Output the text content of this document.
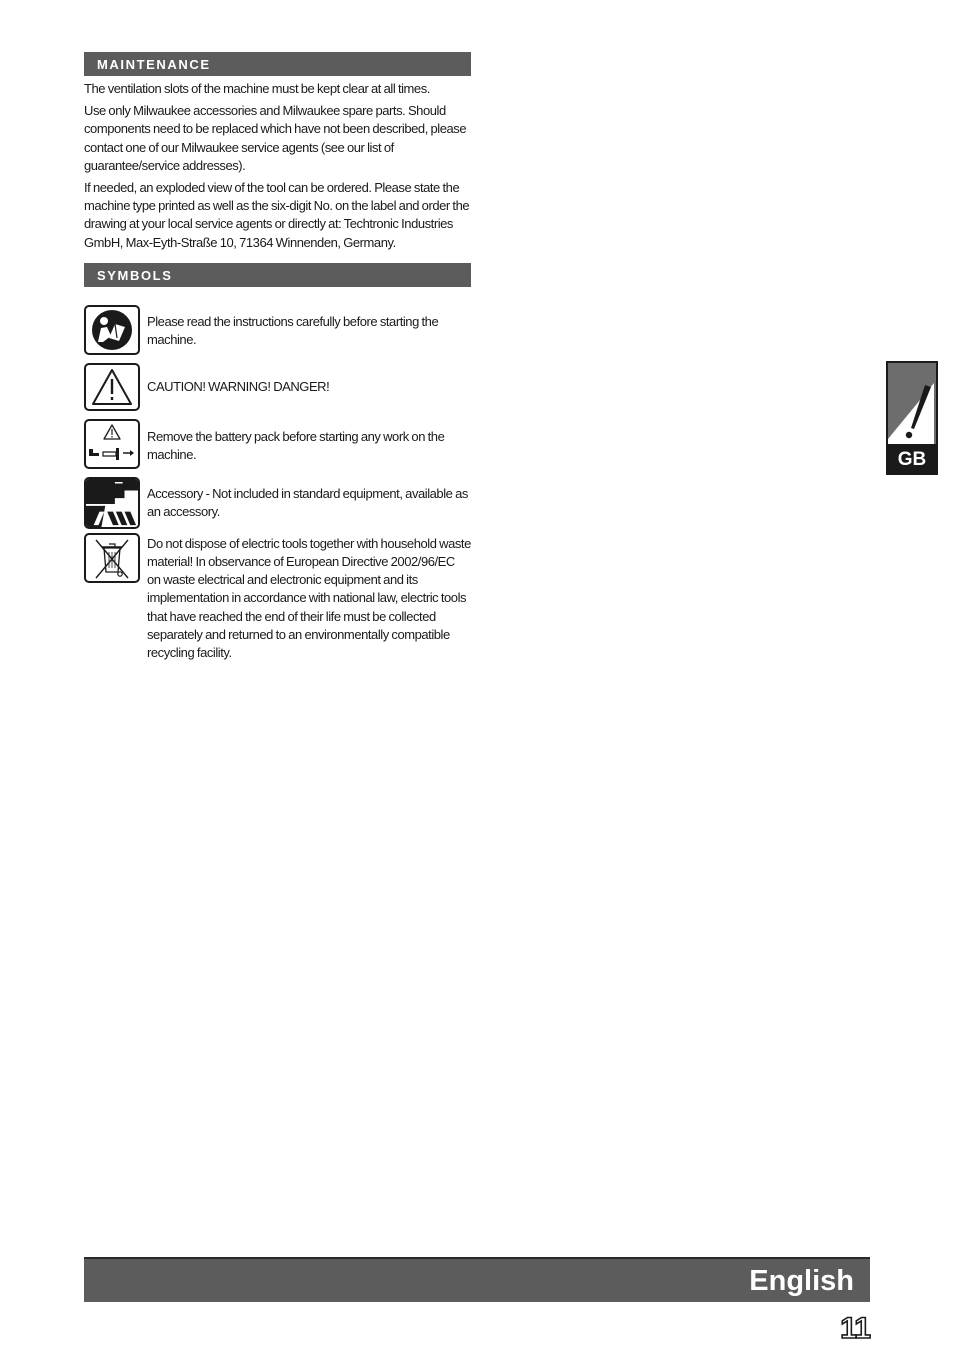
MAINTENANCE

The ventilation slots of the machine must be kept clear at all times.

Use only Milwaukee accessories and Milwaukee spare parts. Should components need to be replaced which have not been described, please contact one of our Milwaukee service agents (see our list of guarantee/service addresses).

If needed, an exploded view of the tool can be ordered. Please state the machine type printed as well as the six-digit No. on the label and order the drawing at your local service agents or directly at: Techtronic Industries GmbH, Max-Eyth-Straße 10, 71364 Winnenden, Germany.

SYMBOLS
Please read the instructions carefully before starting the machine.
CAUTION! WARNING! DANGER!
Remove the battery pack before starting any work on the machine.
Accessory - Not included in standard equipment, available as an accessory.
Do not dispose of electric tools together with household waste material! In observance of European Directive 2002/96/EC on waste electrical and electronic equipment and its implementation in accordance with national law, electric tools that have reached the end of their life must be collected separately and returned to an environmentally compatible recycling facility.
GB
English
11
